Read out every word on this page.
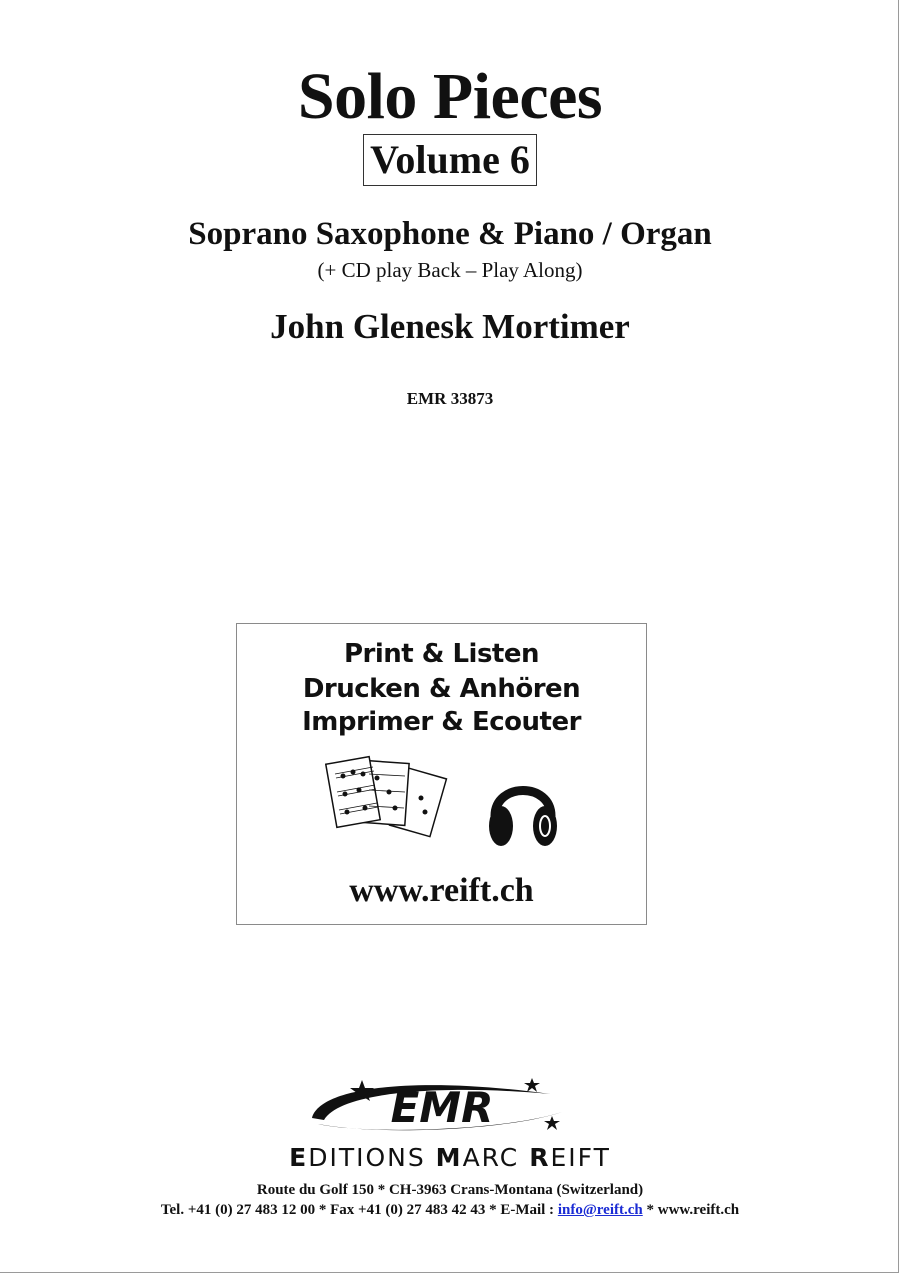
Solo Pieces
Volume 6
Soprano Saxophone & Piano / Organ
(+ CD play Back – Play Along)
John Glenesk Mortimer
EMR 33873
Print & Listen
Drucken & Anhören
Imprimer & Ecouter
www.reift.ch
EMR
EDITIONS MARC REIFT
Route du Golf 150 * CH-3963 Crans-Montana (Switzerland)
Tel. +41 (0) 27 483 12 00 * Fax +41 (0) 27 483 42 43 * E-Mail : info@reift.ch * www.reift.ch
